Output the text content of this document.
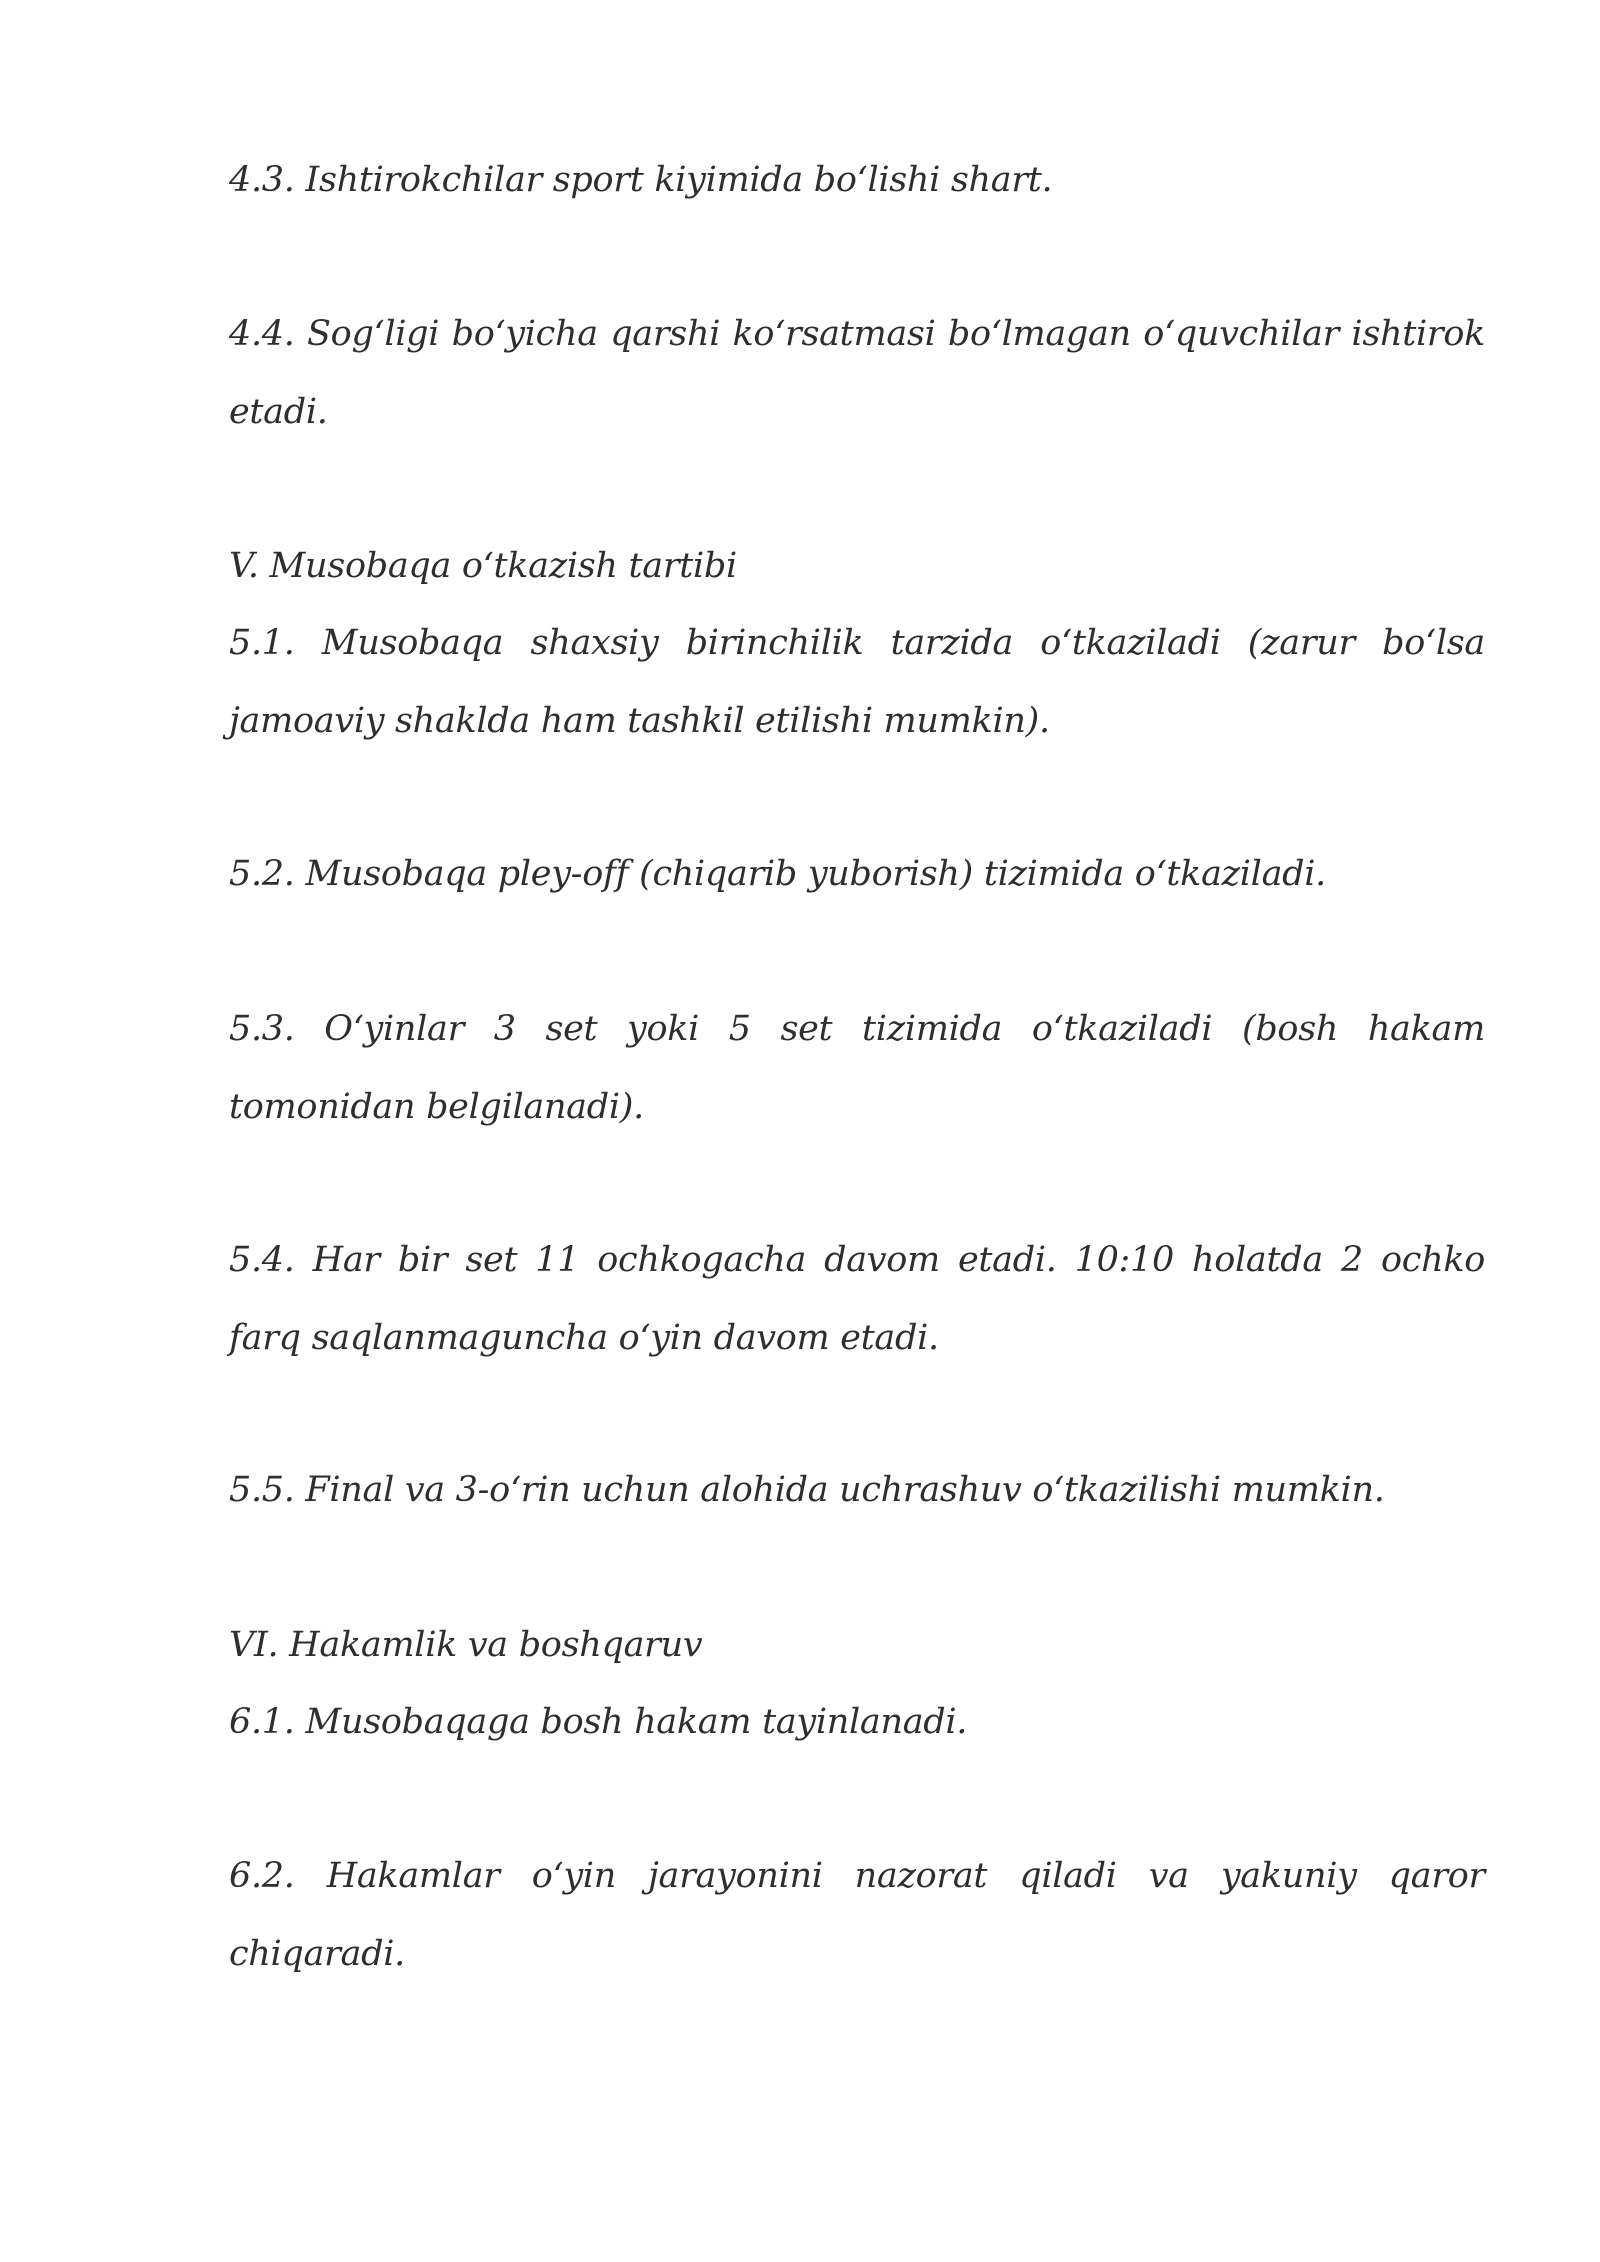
4.3. Ishtirokchilar sport kiyimida bo‘lishi shart.

4.4. Sog‘ligi bo‘yicha qarshi ko‘rsatmasi bo‘lmagan o‘quvchilar ishtirok etadi.

V. Musobaqa o‘tkazish tartibi

5.1. Musobaqa shaxsiy birinchilik tarzida o‘tkaziladi (zarur bo‘lsa jamoaviy shaklda ham tashkil etilishi mumkin).

5.2. Musobaqa pley-off (chiqarib yuborish) tizimida o‘tkaziladi.

5.3. O‘yinlar 3 set yoki 5 set tizimida o‘tkaziladi (bosh hakam tomonidan belgilanadi).

5.4. Har bir set 11 ochkogacha davom etadi. 10:10 holatda 2 ochko farq saqlanmaguncha o‘yin davom etadi.

5.5. Final va 3-o‘rin uchun alohida uchrashuv o‘tkazilishi mumkin.

VI. Hakamlik va boshqaruv

6.1. Musobaqaga bosh hakam tayinlanadi.

6.2. Hakamlar o‘yin jarayonini nazorat qiladi va yakuniy qaror chiqaradi.
